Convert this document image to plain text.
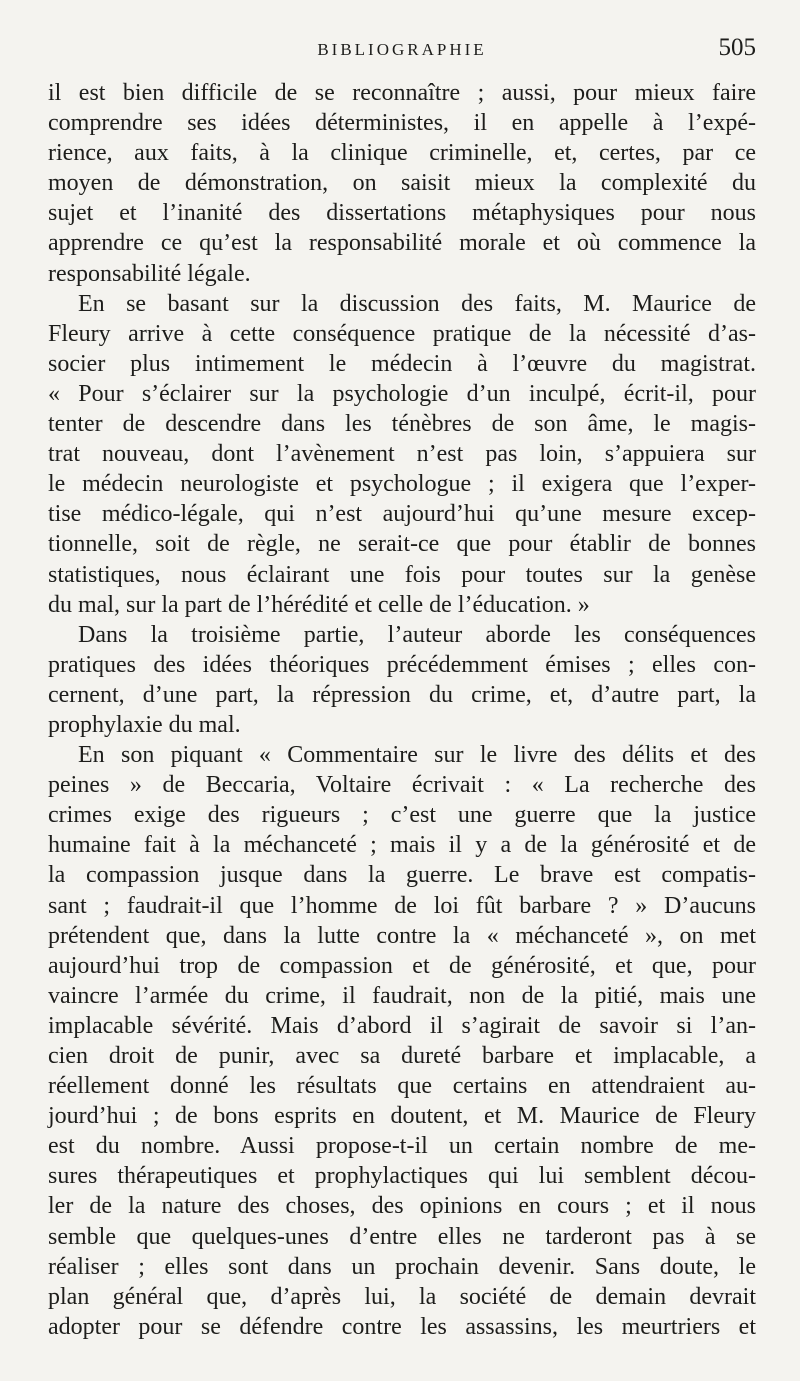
BIBLIOGRAPHIE	505
il est bien difficile de se reconnaître ; aussi, pour mieux faire
comprendre ses idées déterministes, il en appelle à l’expé-
rience, aux faits, à la clinique criminelle, et, certes, par ce
moyen de démonstration, on saisit mieux la complexité du
sujet et l’inanité des dissertations métaphysiques pour nous
apprendre ce qu’est la responsabilité morale et où commence la
responsabilité légale.
En se basant sur la discussion des faits, M. Maurice de
Fleury arrive à cette conséquence pratique de la nécessité d’as-
socier plus intimement le médecin à l’œuvre du magistrat.
« Pour s’éclairer sur la psychologie d’un inculpé, écrit-il, pour
tenter de descendre dans les ténèbres de son âme, le magis-
trat nouveau, dont l’avènement n’est pas loin, s’appuiera sur
le médecin neurologiste et psychologue ; il exigera que l’exper-
tise médico-légale, qui n’est aujourd’hui qu’une mesure excep-
tionnelle, soit de règle, ne serait-ce que pour établir de bonnes
statistiques, nous éclairant une fois pour toutes sur la genèse
du mal, sur la part de l’hérédité et celle de l’éducation. »
Dans la troisième partie, l’auteur aborde les conséquences
pratiques des idées théoriques précédemment émises ; elles con-
cernent, d’une part, la répression du crime, et, d’autre part, la
prophylaxie du mal.
En son piquant « Commentaire sur le livre des délits et des
peines » de Beccaria, Voltaire écrivait : « La recherche des
crimes exige des rigueurs ; c’est une guerre que la justice
humaine fait à la méchanceté ; mais il y a de la générosité et de
la compassion jusque dans la guerre. Le brave est compatis-
sant ; faudrait-il que l’homme de loi fût barbare ? » D’aucuns
prétendent que, dans la lutte contre la « méchanceté », on met
aujourd’hui trop de compassion et de générosité, et que, pour
vaincre l’armée du crime, il faudrait, non de la pitié, mais une
implacable sévérité. Mais d’abord il s’agirait de savoir si l’an-
cien droit de punir, avec sa dureté barbare et implacable, a
réellement donné les résultats que certains en attendraient au-
jourd’hui ; de bons esprits en doutent, et M. Maurice de Fleury
est du nombre. Aussi propose-t-il un certain nombre de me-
sures thérapeutiques et prophylactiques qui lui semblent décou-
ler de la nature des choses, des opinions en cours ; et il nous
semble que quelques-unes d’entre elles ne tarderont pas à se
réaliser ; elles sont dans un prochain devenir. Sans doute, le
plan général que, d’après lui, la société de demain devrait
adopter pour se défendre contre les assassins, les meurtriers et
